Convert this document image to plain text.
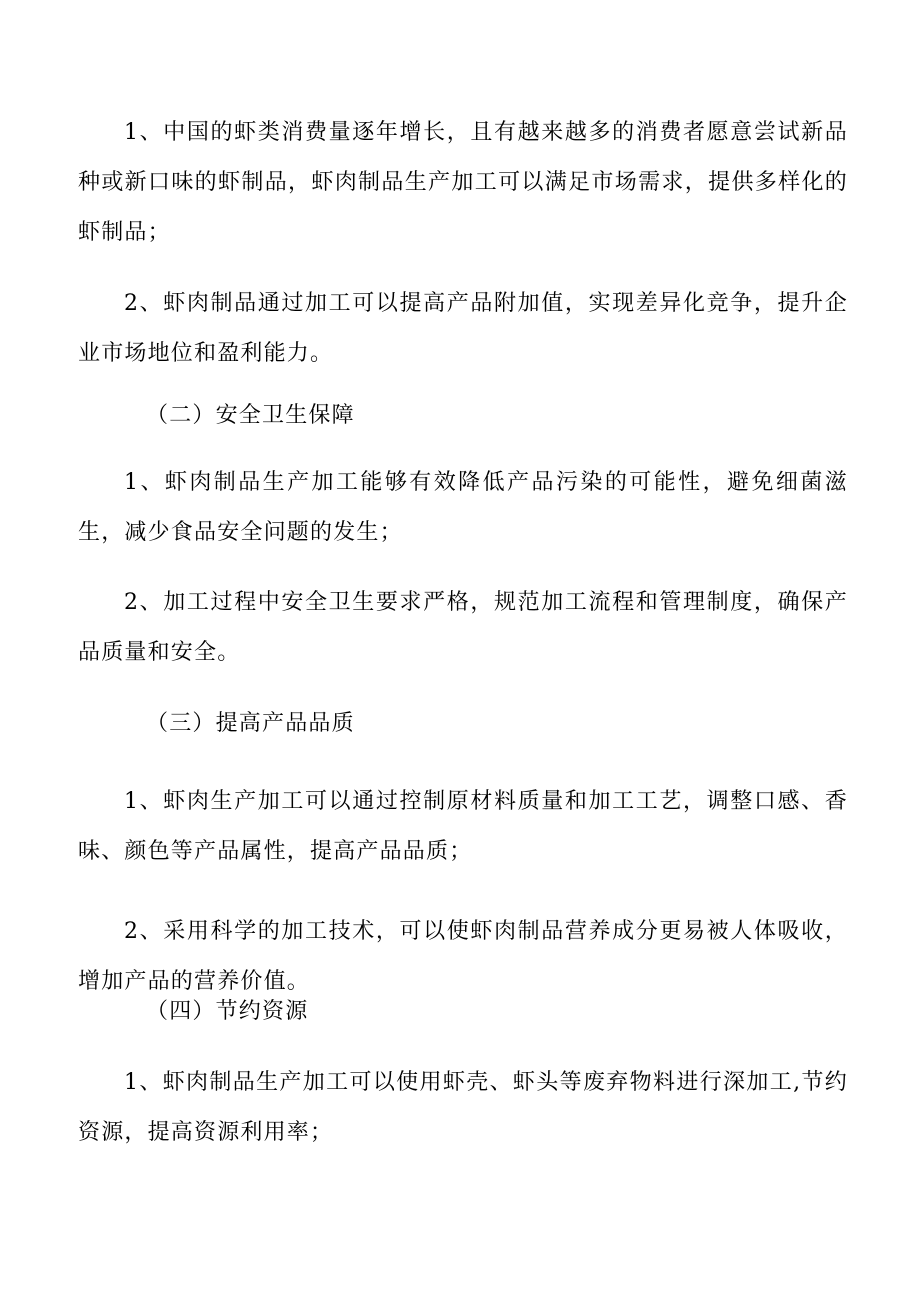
1、中国的虾类消费量逐年增长，且有越来越多的消费者愿意尝试新品种或新口味的虾制品，虾肉制品生产加工可以满足市场需求，提供多样化的虾制品；

2、虾肉制品通过加工可以提高产品附加值，实现差异化竞争，提升企业市场地位和盈利能力。

（二）安全卫生保障

1、虾肉制品生产加工能够有效降低产品污染的可能性，避免细菌滋生，减少食品安全问题的发生；

2、加工过程中安全卫生要求严格，规范加工流程和管理制度，确保产品质量和安全。

（三）提高产品品质

1、虾肉生产加工可以通过控制原材料质量和加工工艺，调整口感、香味、颜色等产品属性，提高产品品质；

2、采用科学的加工技术，可以使虾肉制品营养成分更易被人体吸收，增加产品的营养价值。

（四）节约资源

1、虾肉制品生产加工可以使用虾壳、虾头等废弃物料进行深加工,节约资源，提高资源利用率；
